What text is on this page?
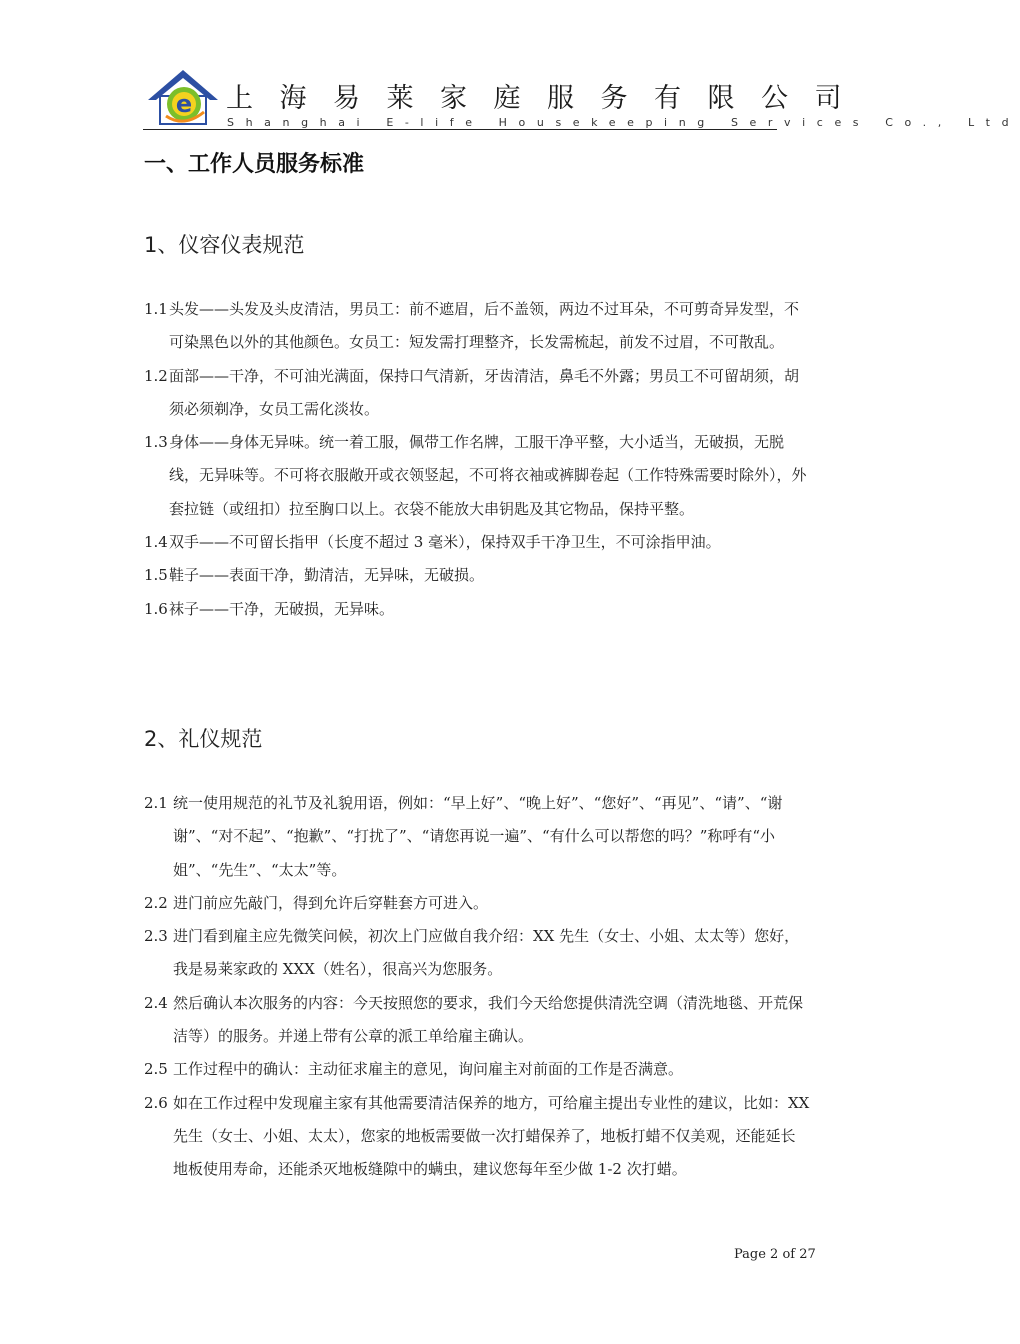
e 上海易莱家庭服务有限公司
Shanghai E-life Housekeeping Services Co., Ltd
一、工作人员服务标准
1、仪容仪表规范
1.1 头发——头发及头皮清洁，男员工：前不遮眉，后不盖领，两边不过耳朵，不可剪奇异发型，不可染黑色以外的其他颜色。女员工：短发需打理整齐，长发需梳起，前发不过眉，不可散乱。
1.2 面部——干净，不可油光满面，保持口气清新，牙齿清洁，鼻毛不外露；男员工不可留胡须，胡须必须剃净，女员工需化淡妆。
1.3 身体——身体无异味。统一着工服，佩带工作名牌，工服干净平整，大小适当，无破损，无脱线，无异味等。不可将衣服敞开或衣领竖起，不可将衣袖或裤脚卷起（工作特殊需要时除外），外套拉链（或纽扣）拉至胸口以上。衣袋不能放大串钥匙及其它物品，保持平整。
1.4 双手——不可留长指甲（长度不超过 3 毫米），保持双手干净卫生，不可涂指甲油。
1.5 鞋子——表面干净，勤清洁，无异味，无破损。
1.6 袜子——干净，无破损，无异味。
2、礼仪规范
2.1 统一使用规范的礼节及礼貌用语，例如：“早上好”、“晚上好”、“您好”、“再见”、“请”、“谢谢”、“对不起”、“抱歉”、“打扰了”、“请您再说一遍”、“有什么可以帮您的吗？”称呼有“小姐”、“先生”、“太太”等。
2.2 进门前应先敲门，得到允许后穿鞋套方可进入。
2.3 进门看到雇主应先微笑问候，初次上门应做自我介绍：XX 先生（女士、小姐、太太等）您好，我是易莱家政的 XXX（姓名），很高兴为您服务。
2.4 然后确认本次服务的内容：今天按照您的要求，我们今天给您提供清洗空调（清洗地毯、开荒保洁等）的服务。并递上带有公章的派工单给雇主确认。
2.5 工作过程中的确认：主动征求雇主的意见，询问雇主对前面的工作是否满意。
2.6 如在工作过程中发现雇主家有其他需要清洁保养的地方，可给雇主提出专业性的建议，比如：XX 先生（女士、小姐、太太），您家的地板需要做一次打蜡保养了，地板打蜡不仅美观，还能延长地板使用寿命，还能杀灭地板缝隙中的螨虫，建议您每年至少做 1-2 次打蜡。
Page 2 of 27
